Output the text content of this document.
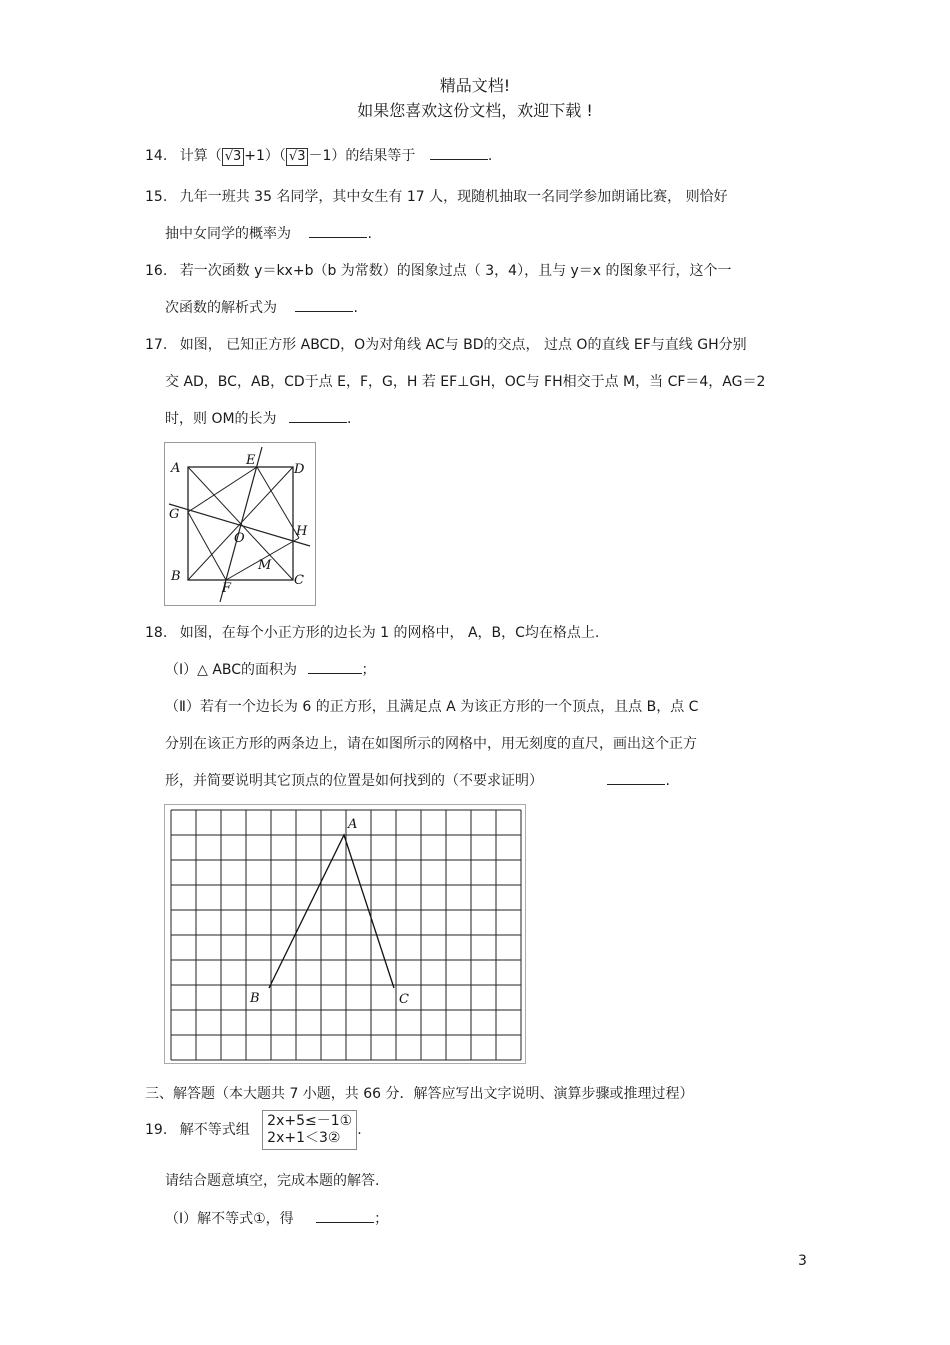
精品文档!
如果您喜欢这份文档，欢迎下载 !
14. 计算（ √3 +1）（ √3 －1）的结果等于	.
15. 九年一班共 35 名同学，其中女生有 17 人，现随机抽取一名同学参加朗诵比赛， 则恰好
抽中女同学的概率为	.
16. 若一次函数 y＝kx+b（b 为常数）的图象过点（ 3，4），且与 y＝x 的图象平行，这个一
次函数的解析式为	.
17. 如图， 已知正方形 ABCD，O为对角线 AC与 BD的交点， 过点 O的直线 EF与直线 GH分别
交 AD，BC，AB，CD于点 E，F，G，H 若 EF⊥GH，OC与 FH相交于点 M，当 CF＝4，AG＝2
时，则 OM的长为	.
A
E
D
G
O	H
B
F
M
C
18. 如图，在每个小正方形的边长为 1 的网格中， A，B，C均在格点上.
（Ⅰ）△ ABC的面积为	；
（Ⅱ）若有一个边长为 6 的正方形，且满足点 A 为该正方形的一个顶点，且点 B，点 C
分别在该正方形的两条边上，请在如图所示的网格中，用无刻度的直尺，画出这个正方
形，并简要说明其它顶点的位置是如何找到的（不要求证明）	.
A
B	C
三、解答题（本大题共 7 小题，共 66 分．解答应写出文字说明、演算步骤或推理过程）
19. 解不等式组
2x+5≤－1①
2x+1＜3②	.
请结合题意填空，完成本题的解答.
（Ⅰ）解不等式①，得	；
3
